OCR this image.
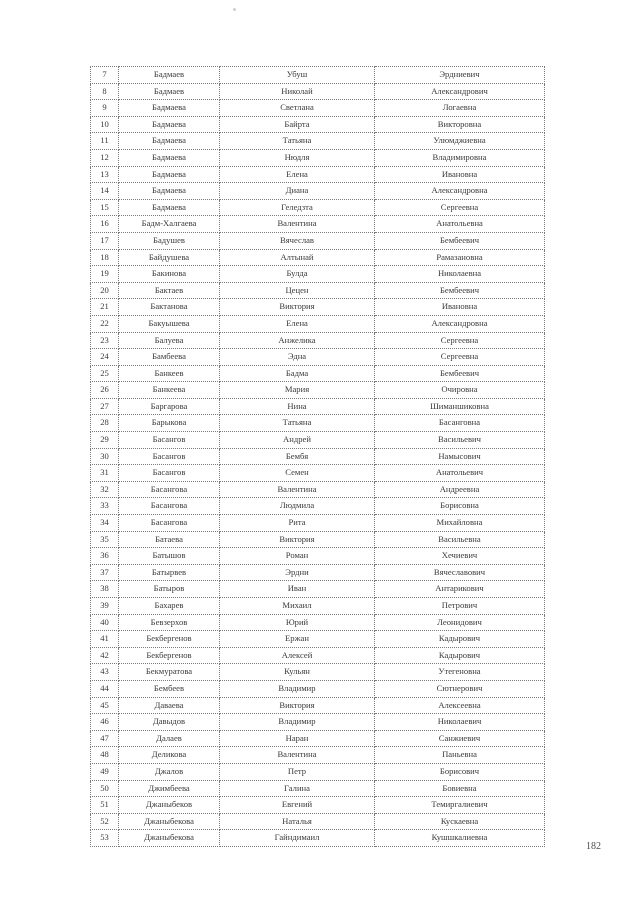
7	Бадмаев	Убуш	Эрдниевич
8	Бадмаев	Николай	Александрович
9	Бадмаева	Светлана	Логаевна
10	Бадмаева	Байрта	Викторовна
11	Бадмаева	Татьяна	Улюмджиевна
12	Бадмаева	Нюдля	Владимировна
13	Бадмаева	Елена	Ивановна
14	Бадмаева	Диана	Александровна
15	Бадмаева	Геледзта	Сергеевна
16	Бадм-Халгаева	Валентина	Анатольевна
17	Бадушев	Вячеслав	Бембеевич
18	Байдушева	Алтынай	Рамазановна
19	Бакинова	Булда	Николаевна
20	Бактаев	Цецен	Бембеевич
21	Бактанова	Виктория	Ивановна
22	Бакуышева	Елена	Александровна
23	Балуева	Анжелика	Сергеевна
24	Бамбеева	Эдна	Сергеевна
25	Банкеев	Бадма	Бембеевич
26	Банкеева	Мария	Очировна
27	Баргарова	Нина	Шиманшиковна
28	Барыкова	Татьяна	Басанговна
29	Басангов	Андрей	Васильевич
30	Басангов	Бембя	Намысович
31	Басангов	Семен	Анатольевич
32	Басангова	Валентина	Андреевна
33	Басангова	Людмила	Борисовна
34	Басангова	Рита	Михайловна
35	Батаева	Виктория	Васильевна
36	Батышов	Роман	Хечиевич
37	Батырвев	Эрдни	Вячеславович
38	Батыров	Иван	Антарикович
39	Бахарев	Михаил	Петрович
40	Бевзерхов	Юрий	Леонидович
41	Бекбергенов	Ержан	Кадырович
42	Бекбергенов	Алексей	Кадырович
43	Бекмуратова	Кульян	Утегеновна
44	Бембеев	Владимир	Сютнерович
45	Даваева	Виктория	Алексеевна
46	Давыдов	Владимир	Николаевич
47	Далаев	Наран	Санжиевич
48	Деликова	Валентина	Паньевна
49	Джалов	Петр	Борисович
50	Джимбеева	Галина	Бовиевна
51	Джаныбеков	Евгений	Темиргалиевич
52	Джаныбекова	Наталья	Кускаевна
53	Джаныбекова	Гайндимаил	Кушшкалиевна
182
